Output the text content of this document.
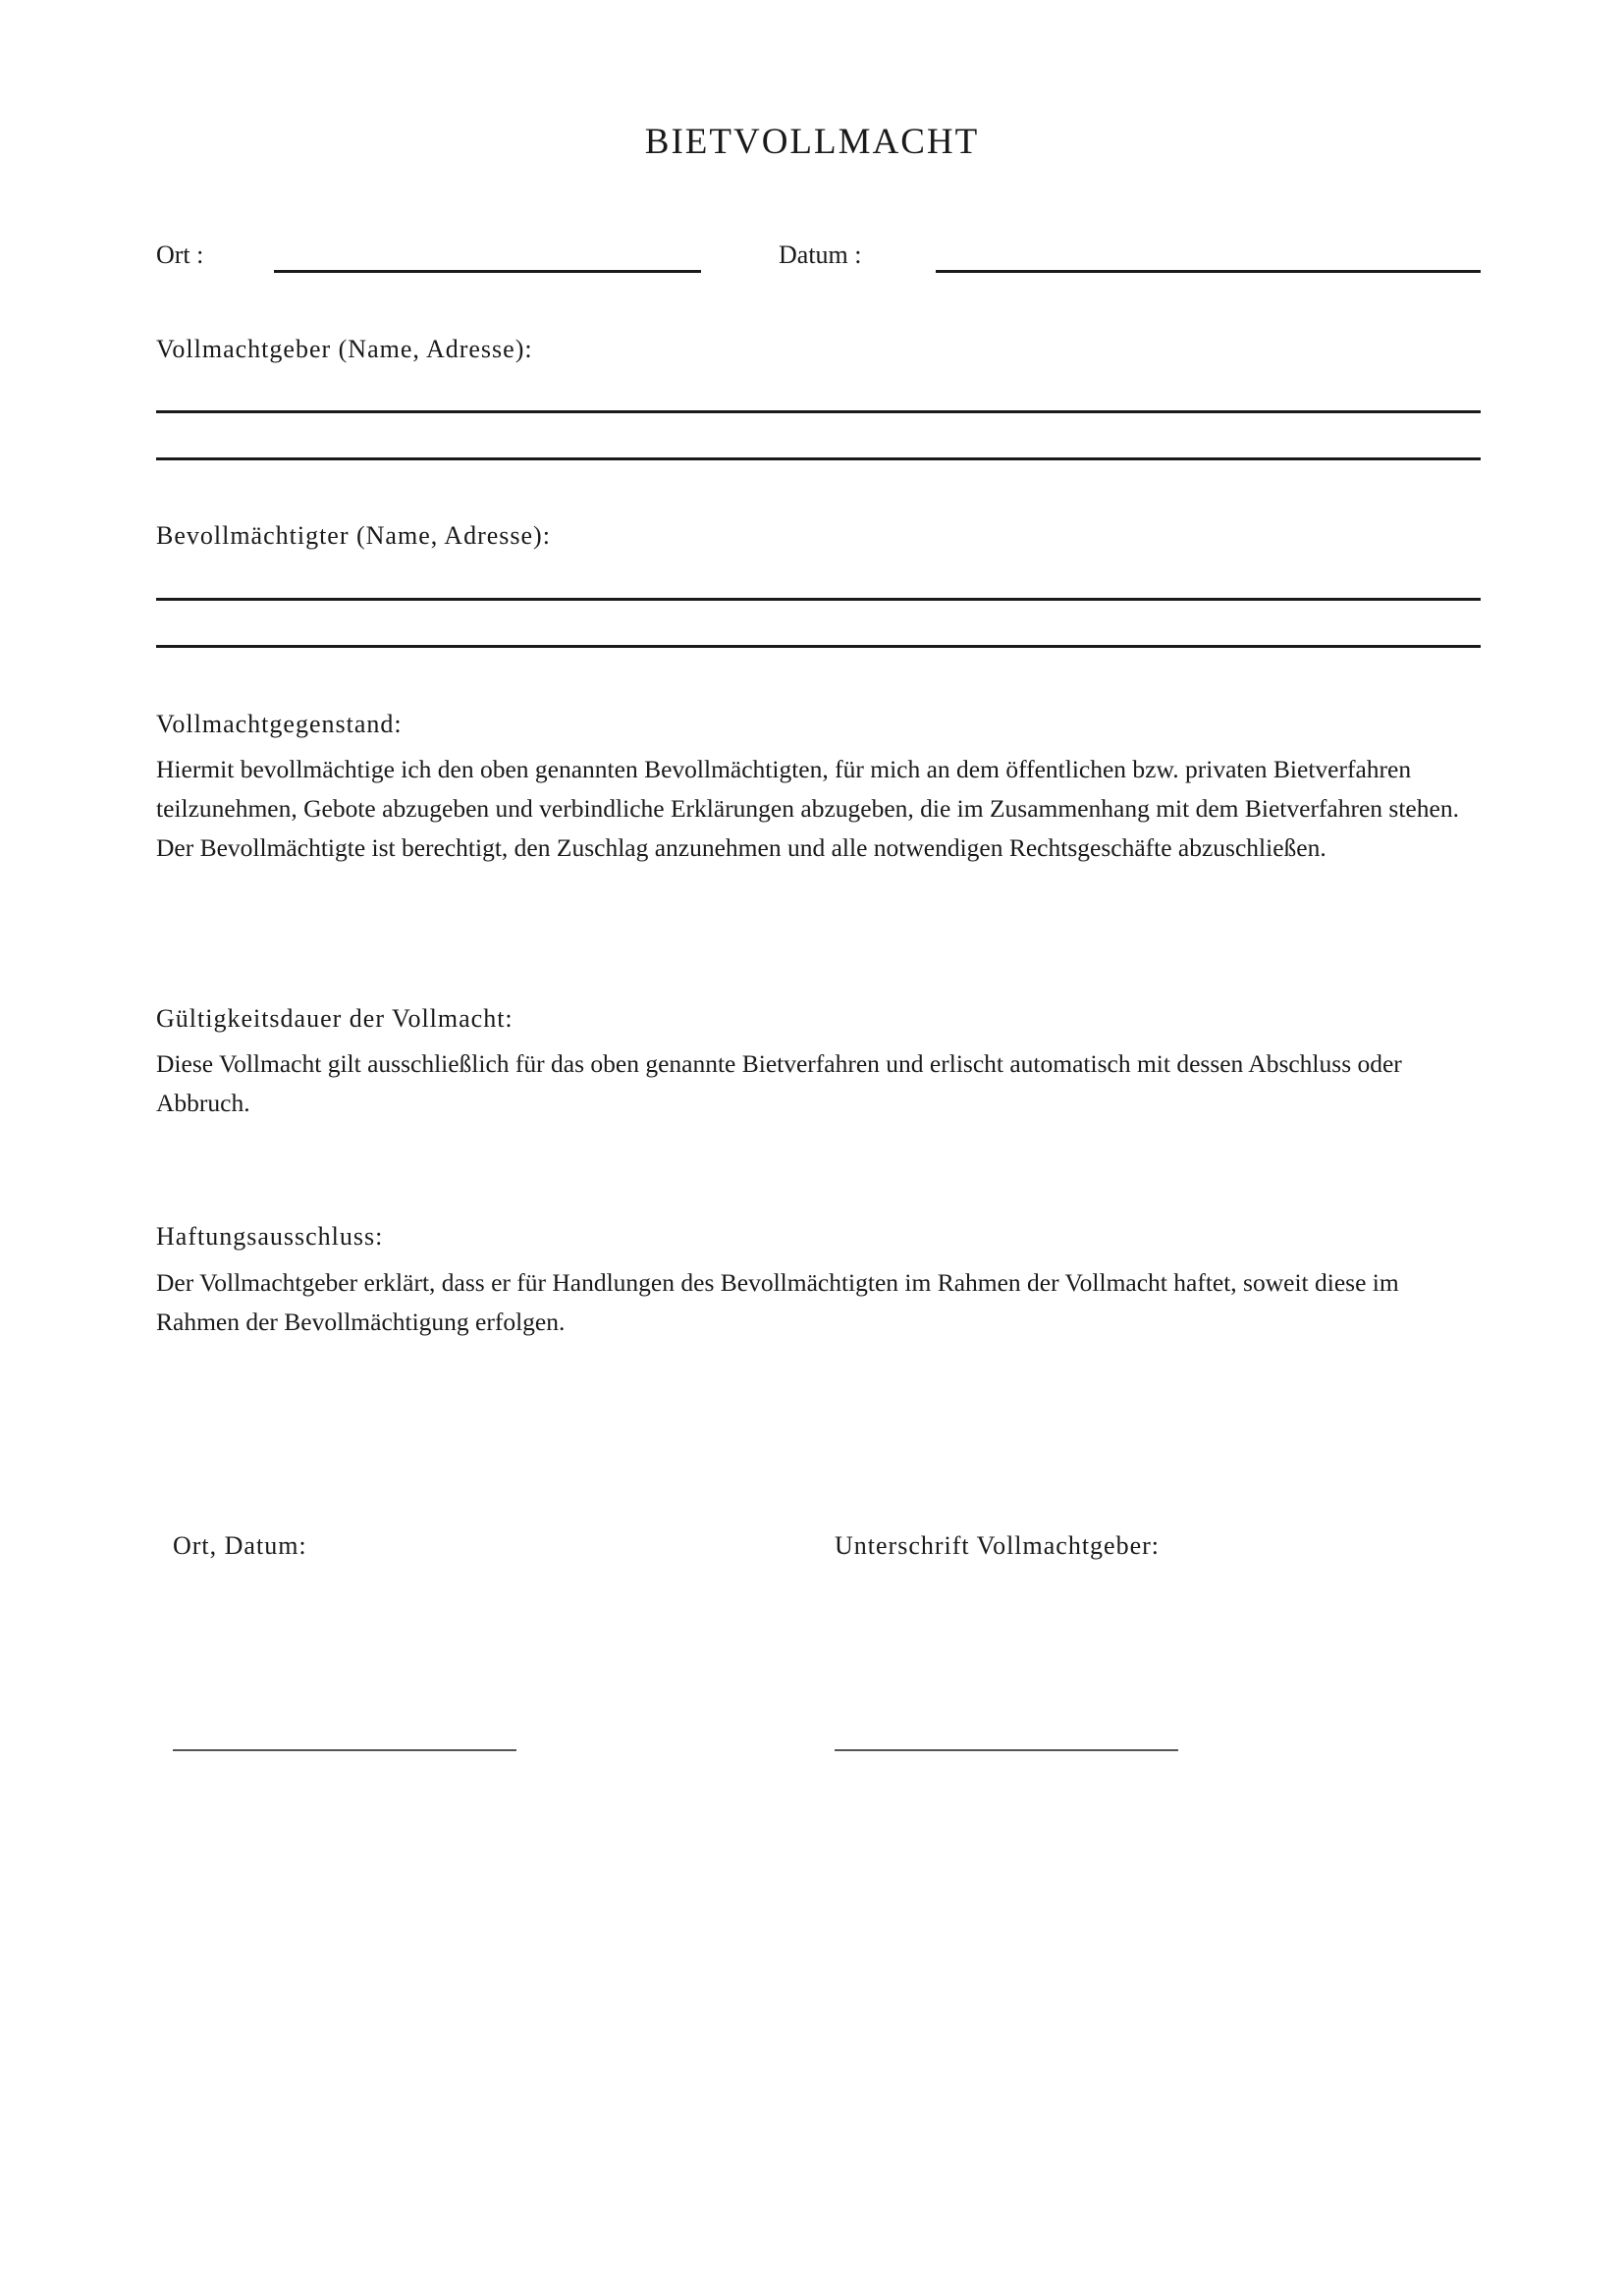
BIETVOLLMACHT
Ort :	Datum :
Vollmachtgeber (Name, Adresse):
Bevollmächtigter (Name, Adresse):
Vollmachtgegenstand:
Hiermit bevollmächtige ich den oben genannten Bevollmächtigten, für mich an dem öffentlichen bzw. privaten Bietverfahren teilzunehmen, Gebote abzugeben und verbindliche Erklärungen abzugeben, die im Zusammenhang mit dem Bietverfahren stehen. Der Bevollmächtigte ist berechtigt, den Zuschlag anzunehmen und alle notwendigen Rechtsgeschäfte abzuschließen.
Gültigkeitsdauer der Vollmacht:
Diese Vollmacht gilt ausschließlich für das oben genannte Bietverfahren und erlischt automatisch mit dessen Abschluss oder Abbruch.
Haftungsausschluss:
Der Vollmachtgeber erklärt, dass er für Handlungen des Bevollmächtigten im Rahmen der Vollmacht haftet, soweit diese im Rahmen der Bevollmächtigung erfolgen.
Ort, Datum:	Unterschrift Vollmachtgeber:
